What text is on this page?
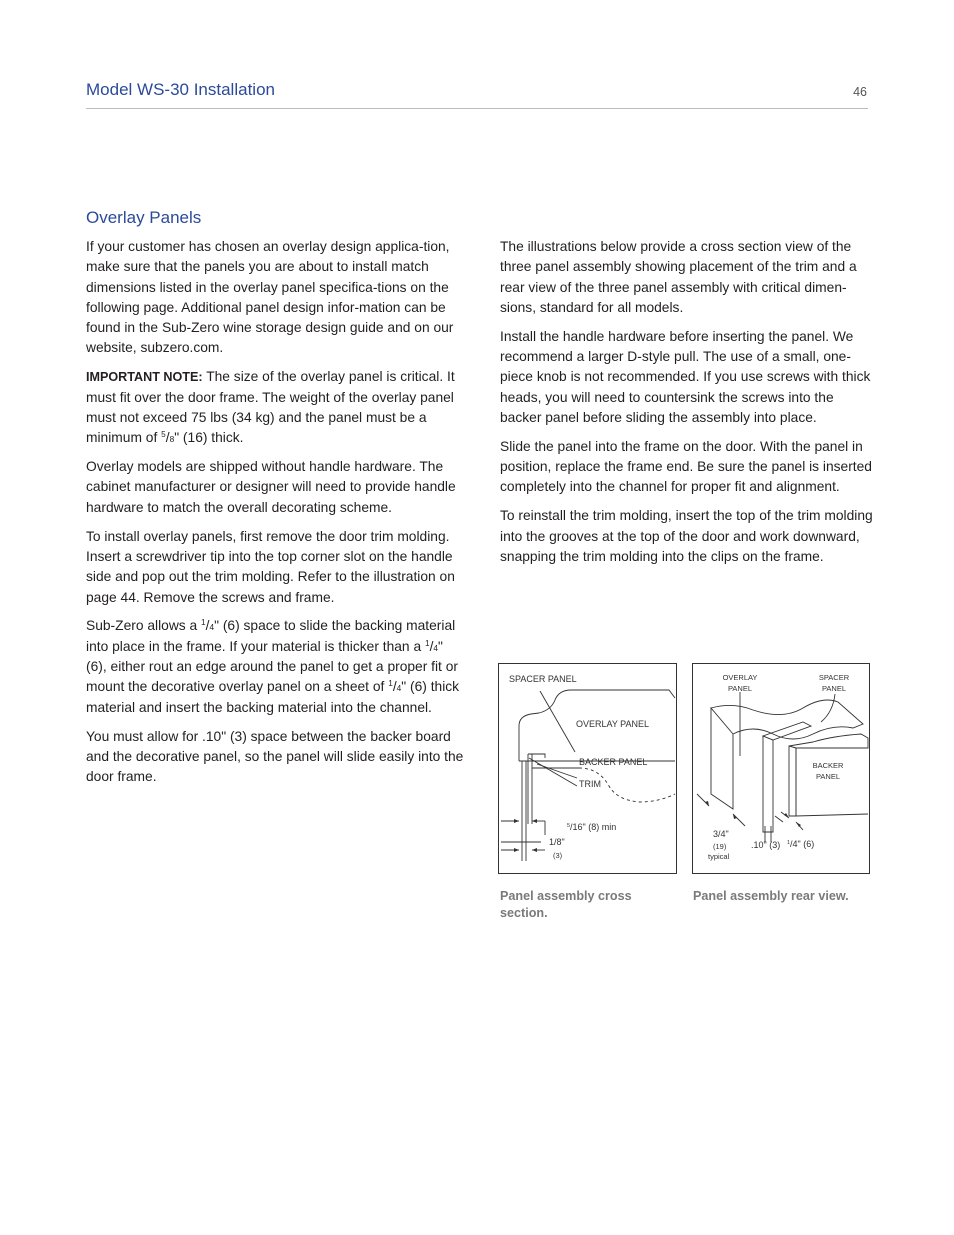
Model WS-30 Installation	46
Overlay Panels

If your customer has chosen an overlay design applica-tion, make sure that the panels you are about to install match dimensions listed in the overlay panel specifica-tions on the following page. Additional panel design infor-mation can be found in the Sub-Zero wine storage design guide and on our website, subzero.com.

IMPORTANT NOTE: The size of the overlay panel is critical. It must fit over the door frame. The weight of the overlay panel must not exceed 75 lbs (34 kg) and the panel must be a minimum of $^5$/8" (16) thick.

Overlay models are shipped without handle hardware. The cabinet manufacturer or designer will need to provide handle hardware to match the overall decorating scheme.

To install overlay panels, first remove the door trim molding. Insert a screwdriver tip into the top corner slot on the handle side and pop out the trim molding. Refer to the illustration on page 44. Remove the screws and frame.

Sub-Zero allows a $^1$/4" (6) space to slide the backing material into place in the frame. If your material is thicker than a $^1$/4" (6), either rout an edge around the panel to get a proper fit or mount the decorative overlay panel on a sheet of $^1$/4" (6) thick material and insert the backing material into the channel.

You must allow for .10" (3) space between the backer board and the decorative panel, so the panel will slide easily into the door frame.

The illustrations below provide a cross section view of the three panel assembly showing placement of the trim and a rear view of the three panel assembly with critical dimen-sions, standard for all models.

Install the handle hardware before inserting the panel. We recommend a larger D-style pull. The use of a small, one-piece knob is not recommended. If you use screws with thick heads, you will need to countersink the screws into the backer panel before sliding the assembly into place.

Slide the panel into the frame on the door. With the panel in position, replace the frame end. Be sure the panel is inserted completely into the channel for proper fit and alignment.

To reinstall the trim molding, insert the top of the trim molding into the grooves at the top of the door and work downward, snapping the trim molding into the clips on the frame.

SPACER PANEL
OVERLAY PANEL
BACKER PANEL
TRIM
$^5$/16" (8) min
1/8"
(3)
OVERLAY PANEL
SPACER PANEL
BACKER PANEL
3/4"
(19)
typical
.10" (3) $^1$/4" (6)
Panel assembly cross section.
Panel assembly rear view.
